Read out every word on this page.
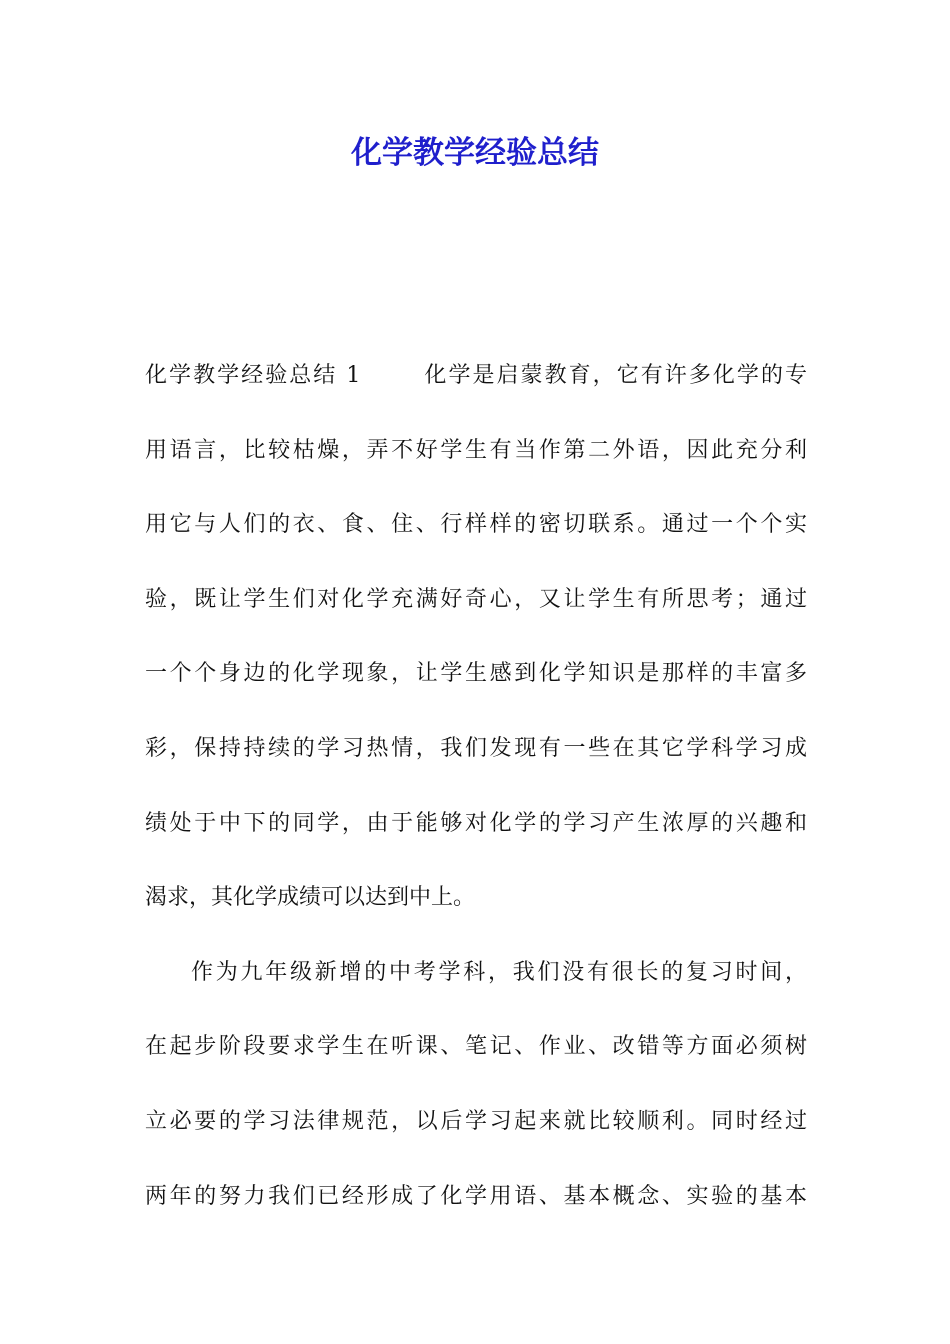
化学教学经验总结
化学教学经验总结 1	化学是启蒙教育，它有许多化学的专
用语言，比较枯燥，弄不好学生有当作第二外语，因此充分利
用它与人们的衣、食、住、行样样的密切联系。通过一个个实
验，既让学生们对化学充满好奇心，又让学生有所思考；通过
一个个身边的化学现象，让学生感到化学知识是那样的丰富多
彩，保持持续的学习热情，我们发现有一些在其它学科学习成
绩处于中下的同学，由于能够对化学的学习产生浓厚的兴趣和
渴求，其化学成绩可以达到中上。
作为九年级新增的中考学科，我们没有很长的复习时间，
在起步阶段要求学生在听课、笔记、作业、改错等方面必须树
立必要的学习法律规范，以后学习起来就比较顺利。同时经过
两年的努力我们已经形成了化学用语、基本概念、实验的基本
